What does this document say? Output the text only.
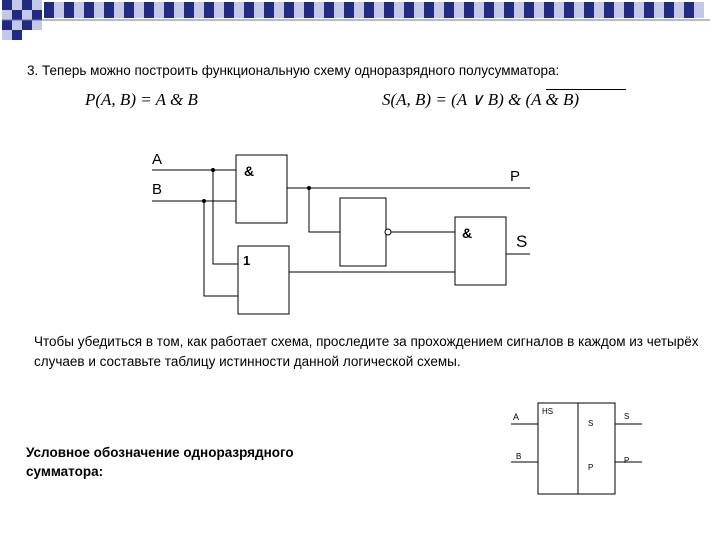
3. Теперь можно построить функциональную схему одноразрядного полусумматора:
P(A, B) = A & B	S(A, B) = (A ∨ B) & (A & B)
A
B
P
S
&
1
&
A
B
HS
S
P
S
P
Чтобы убедиться в том, как работает схема, проследите за прохождением сигналов в каждом из четырёх случаев и составьте таблицу истинности данной логической схемы.
Условное обозначение одноразрядного сумматора:
